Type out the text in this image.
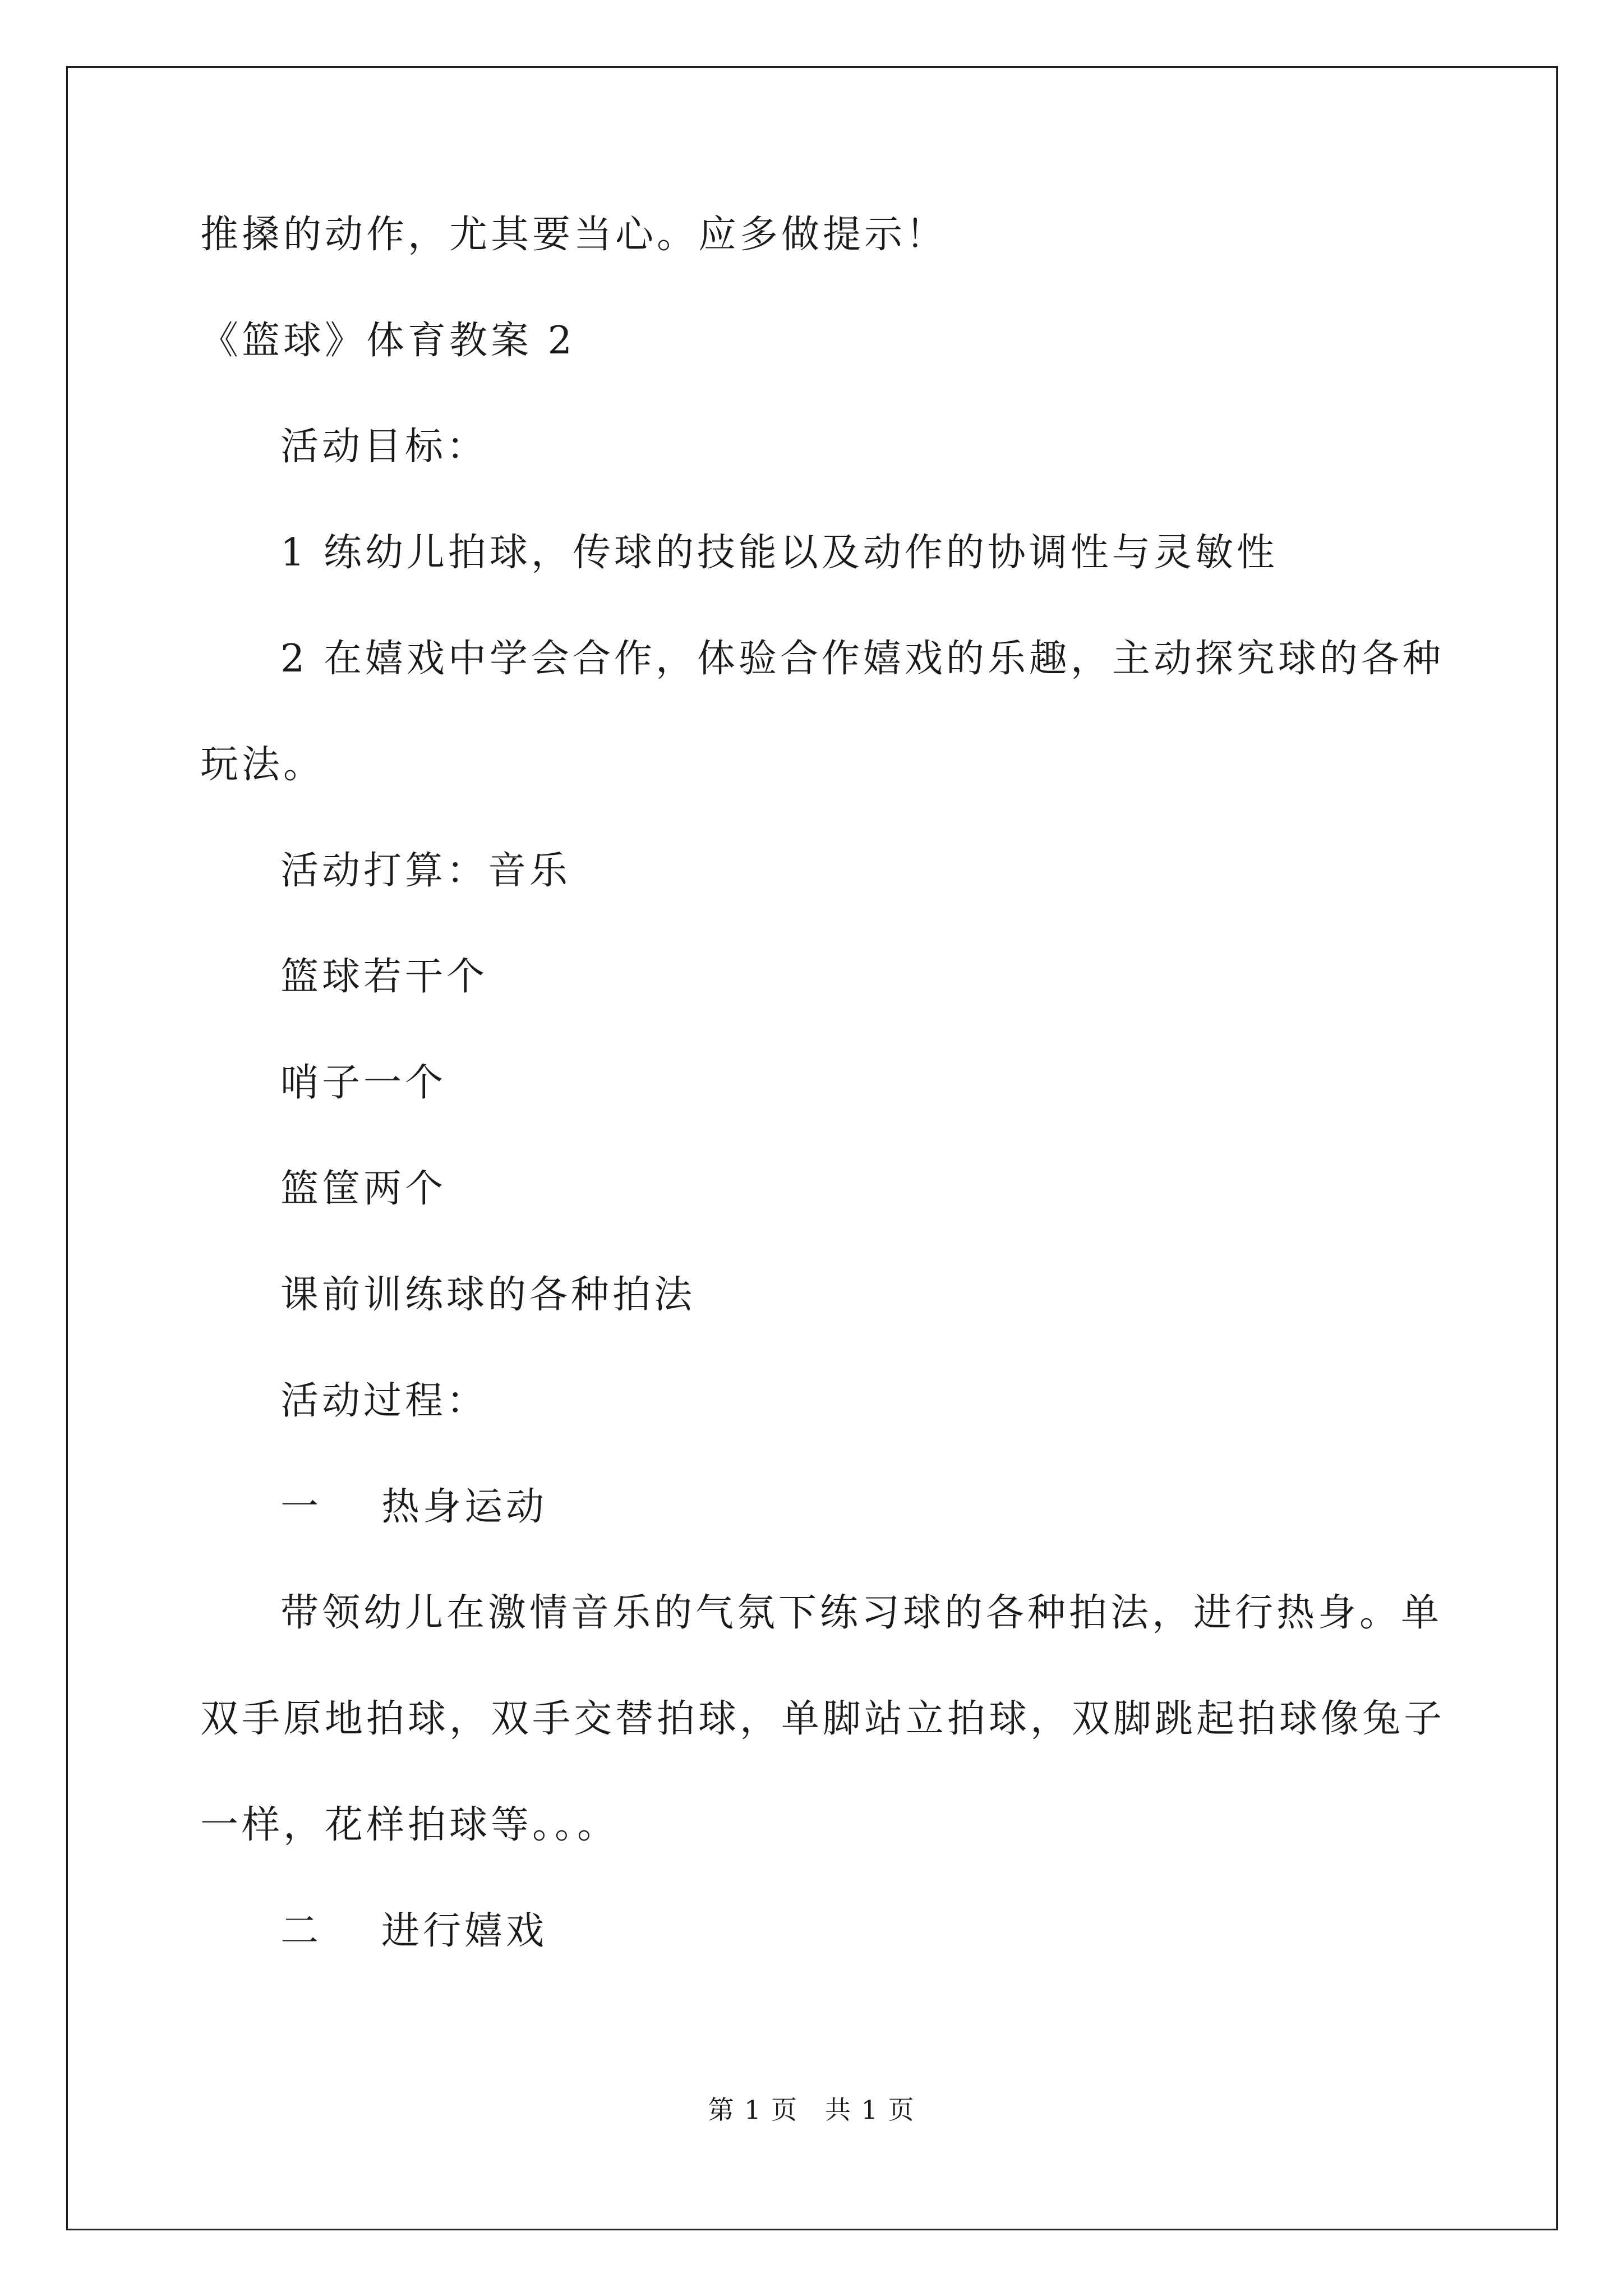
推搡的动作，尤其要当心。应多做提示！
《篮球》体育教案 2
活动目标：
1 练幼儿拍球，传球的技能以及动作的协调性与灵敏性
2 在嬉戏中学会合作，体验合作嬉戏的乐趣，主动探究球的各种
玩法。
活动打算：音乐
篮球若干个
哨子一个
篮筐两个
课前训练球的各种拍法
活动过程：
一 热身运动
带领幼儿在激情音乐的气氛下练习球的各种拍法，进行热身。单
双手原地拍球，双手交替拍球，单脚站立拍球，双脚跳起拍球像兔子
一样，花样拍球等。。。
二 进行嬉戏
第 1 页 共 1 页
